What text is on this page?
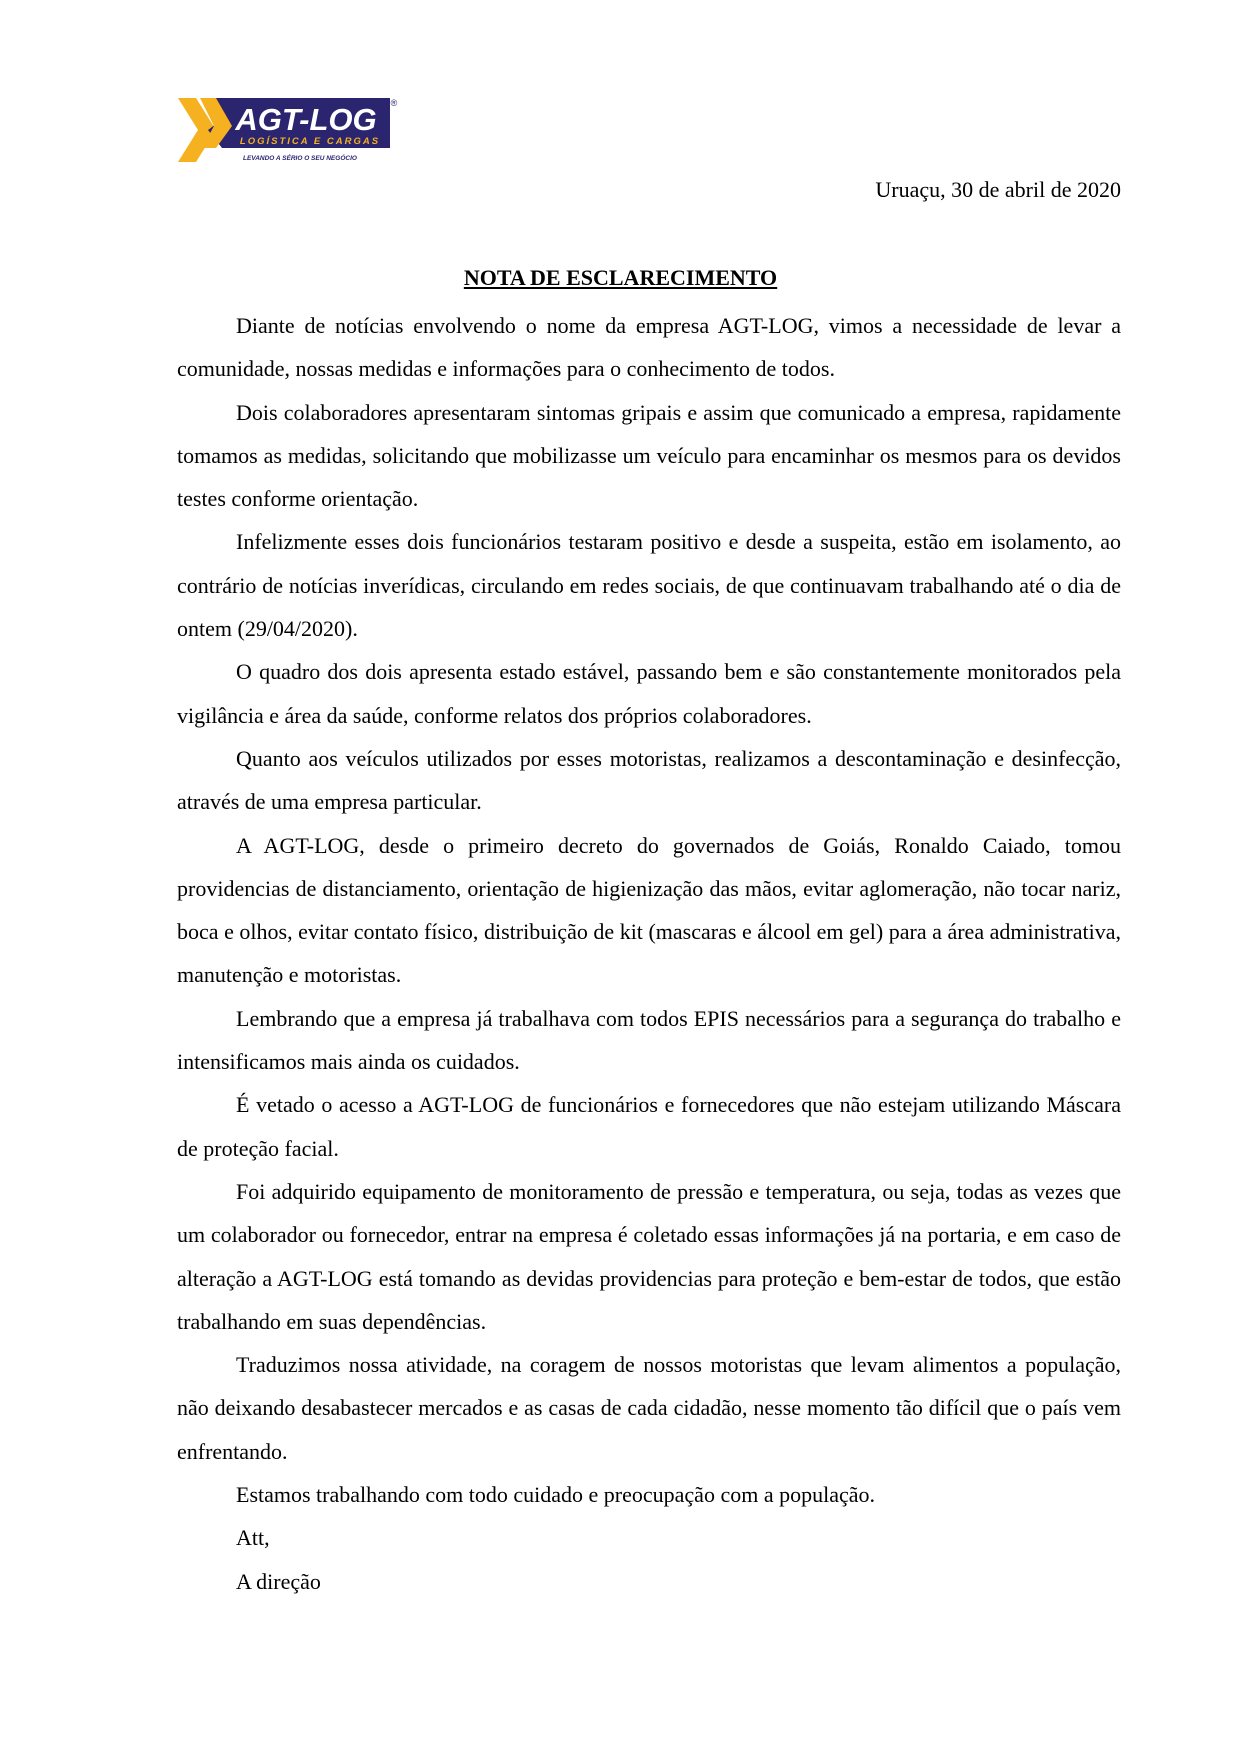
AGT-LOG ®
LOGÍSTICA E CARGAS
LEVANDO A SÉRIO O SEU NEGÓCIO
Uruaçu, 30 de abril de 2020
NOTA DE ESCLARECIMENTO

Diante de notícias envolvendo o nome da empresa AGT-LOG, vimos a necessidade de levar a comunidade, nossas medidas e informações para o conhecimento de todos.

Dois colaboradores apresentaram sintomas gripais e assim que comunicado a empresa, rapidamente tomamos as medidas, solicitando que mobilizasse um veículo para encaminhar os mesmos para os devidos testes conforme orientação.

Infelizmente esses dois funcionários testaram positivo e desde a suspeita, estão em isolamento, ao contrário de notícias inverídicas, circulando em redes sociais, de que continuavam trabalhando até o dia de ontem (29/04/2020).

O quadro dos dois apresenta estado estável, passando bem e são constantemente monitorados pela vigilância e área da saúde, conforme relatos dos próprios colaboradores.

Quanto aos veículos utilizados por esses motoristas, realizamos a descontaminação e desinfecção, através de uma empresa particular.

A AGT-LOG, desde o primeiro decreto do governados de Goiás, Ronaldo Caiado, tomou providencias de distanciamento, orientação de higienização das mãos, evitar aglomeração, não tocar nariz, boca e olhos, evitar contato físico, distribuição de kit (mascaras e álcool em gel) para a área administrativa, manutenção e motoristas.

Lembrando que a empresa já trabalhava com todos EPIS necessários para a segurança do trabalho e intensificamos mais ainda os cuidados.

É vetado o acesso a AGT-LOG de funcionários e fornecedores que não estejam utilizando Máscara de proteção facial.

Foi adquirido equipamento de monitoramento de pressão e temperatura, ou seja, todas as vezes que um colaborador ou fornecedor, entrar na empresa é coletado essas informações já na portaria, e em caso de alteração a AGT-LOG está tomando as devidas providencias para proteção e bem-estar de todos, que estão trabalhando em suas dependências.

Traduzimos nossa atividade, na coragem de nossos motoristas que levam alimentos a população, não deixando desabastecer mercados e as casas de cada cidadão, nesse momento tão difícil que o país vem enfrentando.

Estamos trabalhando com todo cuidado e preocupação com a população.

Att,

A direção
